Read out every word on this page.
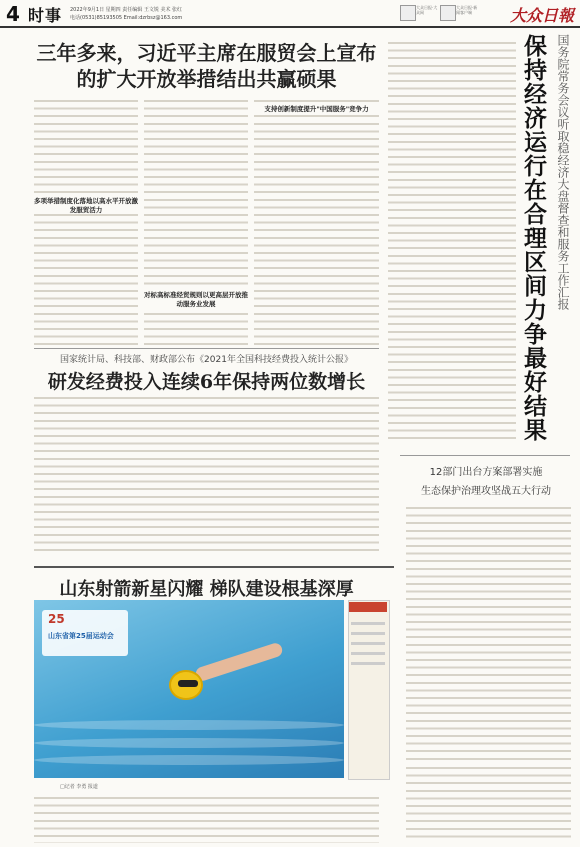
4 时事 2022年9月1日 星期四 责任编辑 王文锐 美术 张红
电话(0531)85193505 Email:dzrbsz@163.com
大众日报·大众网
大众日报·新闻客户端	大众日報
三年多来，习近平主席在服贸会上宣布的扩大开放举措结出共赢硕果
多项举措制度化落地以高水平开放激发服贸活力
对标高标准经贸规则以更高层开放推动服务业发展
支持创新制度提升"中国服务"竞争力	保持经济运行在合理区间力争最好结果 国务院常务会议听取稳经济大盘督查和服务工作汇报
国家统计局、科技部、财政部公布《2021年全国科技经费投入统计公报》
研发经费投入连续6年保持两位数增长
12部门出台方案部署实施
生态保护治理攻坚战五大行动
山东射箭新星闪耀 梯队建设根基深厚
25
山东省第25届运动会
□记者 李勇 报道
